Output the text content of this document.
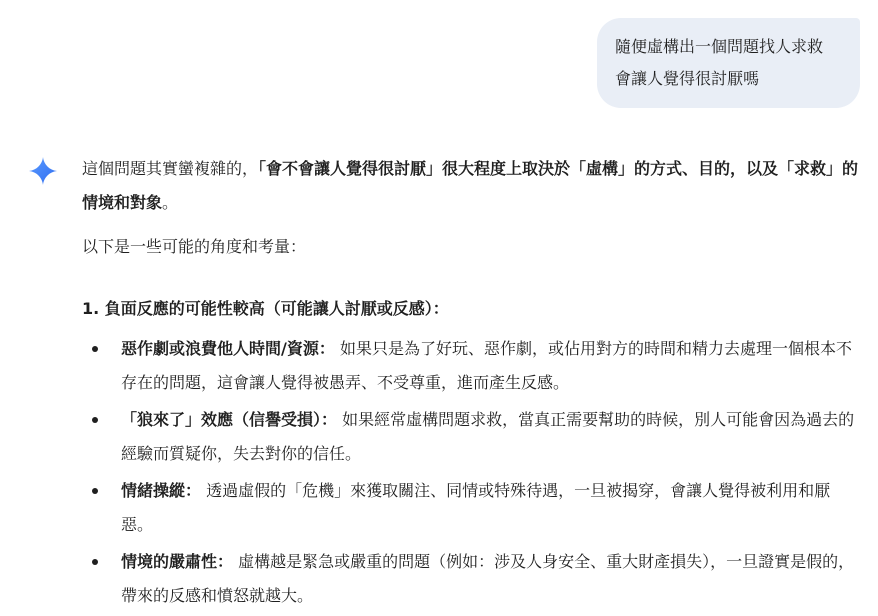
隨便虛構出一個問題找人求救
會讓人覺得很討厭嗎

這個問題其實蠻複雜的，「會不會讓人覺得很討厭」很大程度上取決於「虛構」的方式、目的，以及「求救」的情境和對象。

以下是一些可能的角度和考量：

1. 負面反應的可能性較高（可能讓人討厭或反感）：

惡作劇或浪費他人時間/資源： 如果只是為了好玩、惡作劇，或佔用對方的時間和精力去處理一個根本不存在的問題，這會讓人覺得被愚弄、不受尊重，進而產生反感。
「狼來了」效應（信譽受損）： 如果經常虛構問題求救，當真正需要幫助的時候，別人可能會因為過去的經驗而質疑你，失去對你的信任。
情緒操縱： 透過虛假的「危機」來獲取關注、同情或特殊待遇，一旦被揭穿，會讓人覺得被利用和厭惡。
情境的嚴肅性： 虛構越是緊急或嚴重的問題（例如：涉及人身安全、重大財產損失），一旦證實是假的，帶來的反感和憤怒就越大。
